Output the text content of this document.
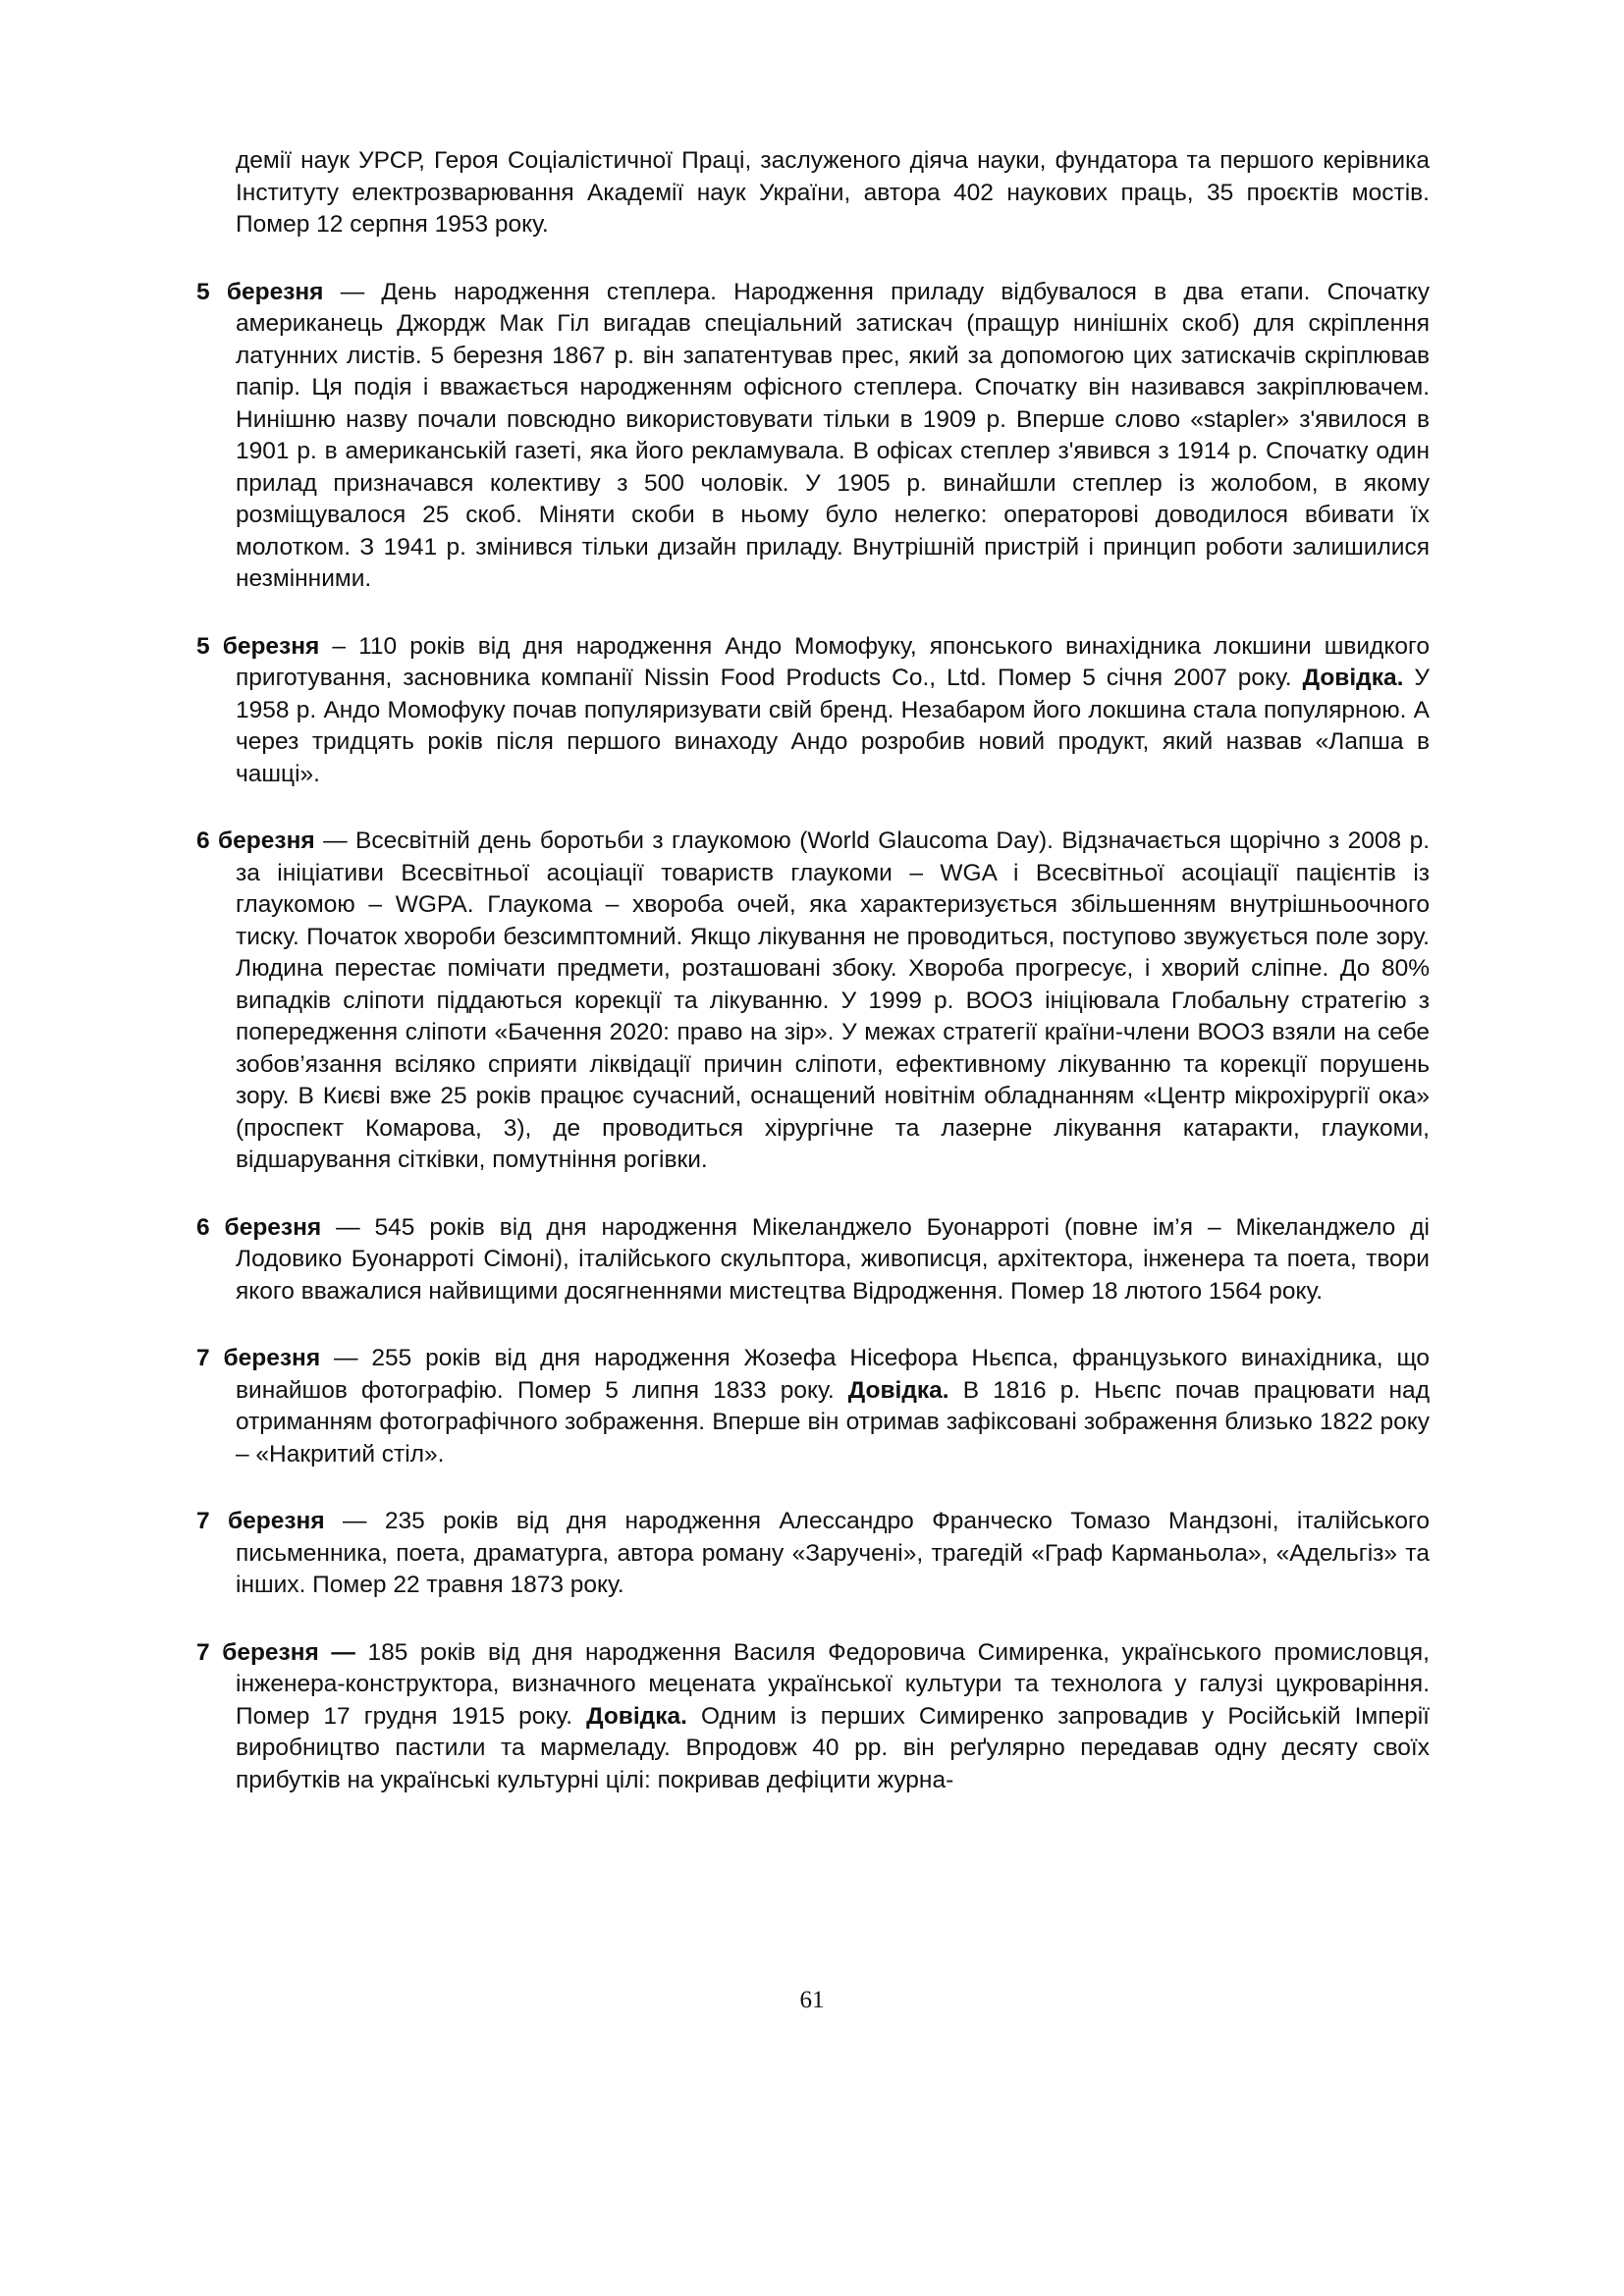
демії наук УРСР, Героя Соціалістичної Праці, заслуженого діяча науки, фундатора та першого керівника Інституту електрозварювання Академії наук України, автора 402 наукових праць, 35 проєктів мостів. Помер 12 серпня 1953 року.

5 березня — День народження степлера. Народження приладу відбувалося в два етапи. Спочатку американець Джордж Мак Гіл вигадав спеціальний затискач (пращур нинішніх скоб) для скріплення латунних листів. 5 березня 1867 р. він запатентував прес, який за допомогою цих затискачів скріплював папір. Ця подія і вважається народженням офісного степлера. Спочатку він називався закріплювачем. Нинішню назву почали повсюдно використовувати тільки в 1909 р. Вперше слово «stapler» з'явилося в 1901 р. в американській газеті, яка його рекламувала. В офісах степлер з'явився з 1914 р. Спочатку один прилад призначався колективу з 500 чоловік. У 1905 р. винайшли степлер із жолобом, в якому розміщувалося 25 скоб. Міняти скоби в ньому було нелегко: операторові доводилося вбивати їх молотком. З 1941 р. змінився тільки дизайн приладу. Внутрішній пристрій і принцип роботи залишилися незмінними.

5 березня – 110 років від дня народження Андо Момофуку, японського винахідника локшини швидкого приготування, засновника компанії Nissin Food Products Co., Ltd. Помер 5 січня 2007 року. Довідка. У 1958 р. Андо Момофуку почав популяризувати свій бренд. Незабаром його локшина стала популярною. А через тридцять років після першого винаходу Андо розробив новий продукт, який назвав «Лапша в чашці».

6 березня — Всесвітній день боротьби з глаукомою (World Glaucoma Day). Відзначається щорічно з 2008 р. за ініціативи Всесвітньої асоціації товариств глаукоми – WGA і Всесвітньої асоціації пацієнтів із глаукомою – WGPA. Глаукома – хвороба очей, яка характеризується збільшенням внутрішньоочного тиску. Початок хвороби безсимптомний. Якщо лікування не проводиться, поступово звужується поле зору. Людина перестає помічати предмети, розташовані збоку. Хвороба прогресує, і хворий сліпне. До 80% випадків сліпоти піддаються корекції та лікуванню. У 1999 р. ВООЗ ініціювала Глобальну стратегію з попередження сліпоти «Бачення 2020: право на зір». У межах стратегії країни-члени ВООЗ взяли на себе зобов’язання всіляко сприяти ліквідації причин сліпоти, ефективному лікуванню та корекції порушень зору. В Києві вже 25 років працює сучасний, оснащений новітнім обладнанням «Центр мікрохірургії ока» (проспект Комарова, 3), де проводиться хірургічне та лазерне лікування катаракти, глаукоми, відшарування сітківки, помутніння рогівки.

6 березня — 545 років від дня народження Мікеланджело Буонарроті (повне ім’я – Мікеланджело ді Лодовико Буонарроті Сімоні), італійського скульптора, живописця, архітектора, інженера та поета, твори якого вважалися найвищими досягненнями мистецтва Відродження. Помер 18 лютого 1564 року.

7 березня — 255 років від дня народження Жозефа Нісефора Ньєпса, французького винахідника, що винайшов фотографію. Помер 5 липня 1833 року. Довідка. В 1816 р. Ньєпс почав працювати над отриманням фотографічного зображення. Вперше він отримав зафіксовані зображення близько 1822 року – «Накритий стіл».

7 березня — 235 років від дня народження Алессандро Франческо Томазо Мандзоні, італійського письменника, поета, драматурга, автора роману «Заручені», трагедій «Граф Карманьола», «Адельгіз» та інших. Помер 22 травня 1873 року.

7 березня — 185 років від дня народження Василя Федоровича Симиренка, українського промисловця, інженера-конструктора, визначного мецената української культури та технолога у галузі цукроваріння. Помер 17 грудня 1915 року. Довідка. Одним із перших Симиренко запровадив у Російській Імперії виробництво пастили та мармеладу. Впродовж 40 рр. він реґулярно передавав одну десяту своїх прибутків на українські культурні цілі: покривав дефіцити журна-

61
